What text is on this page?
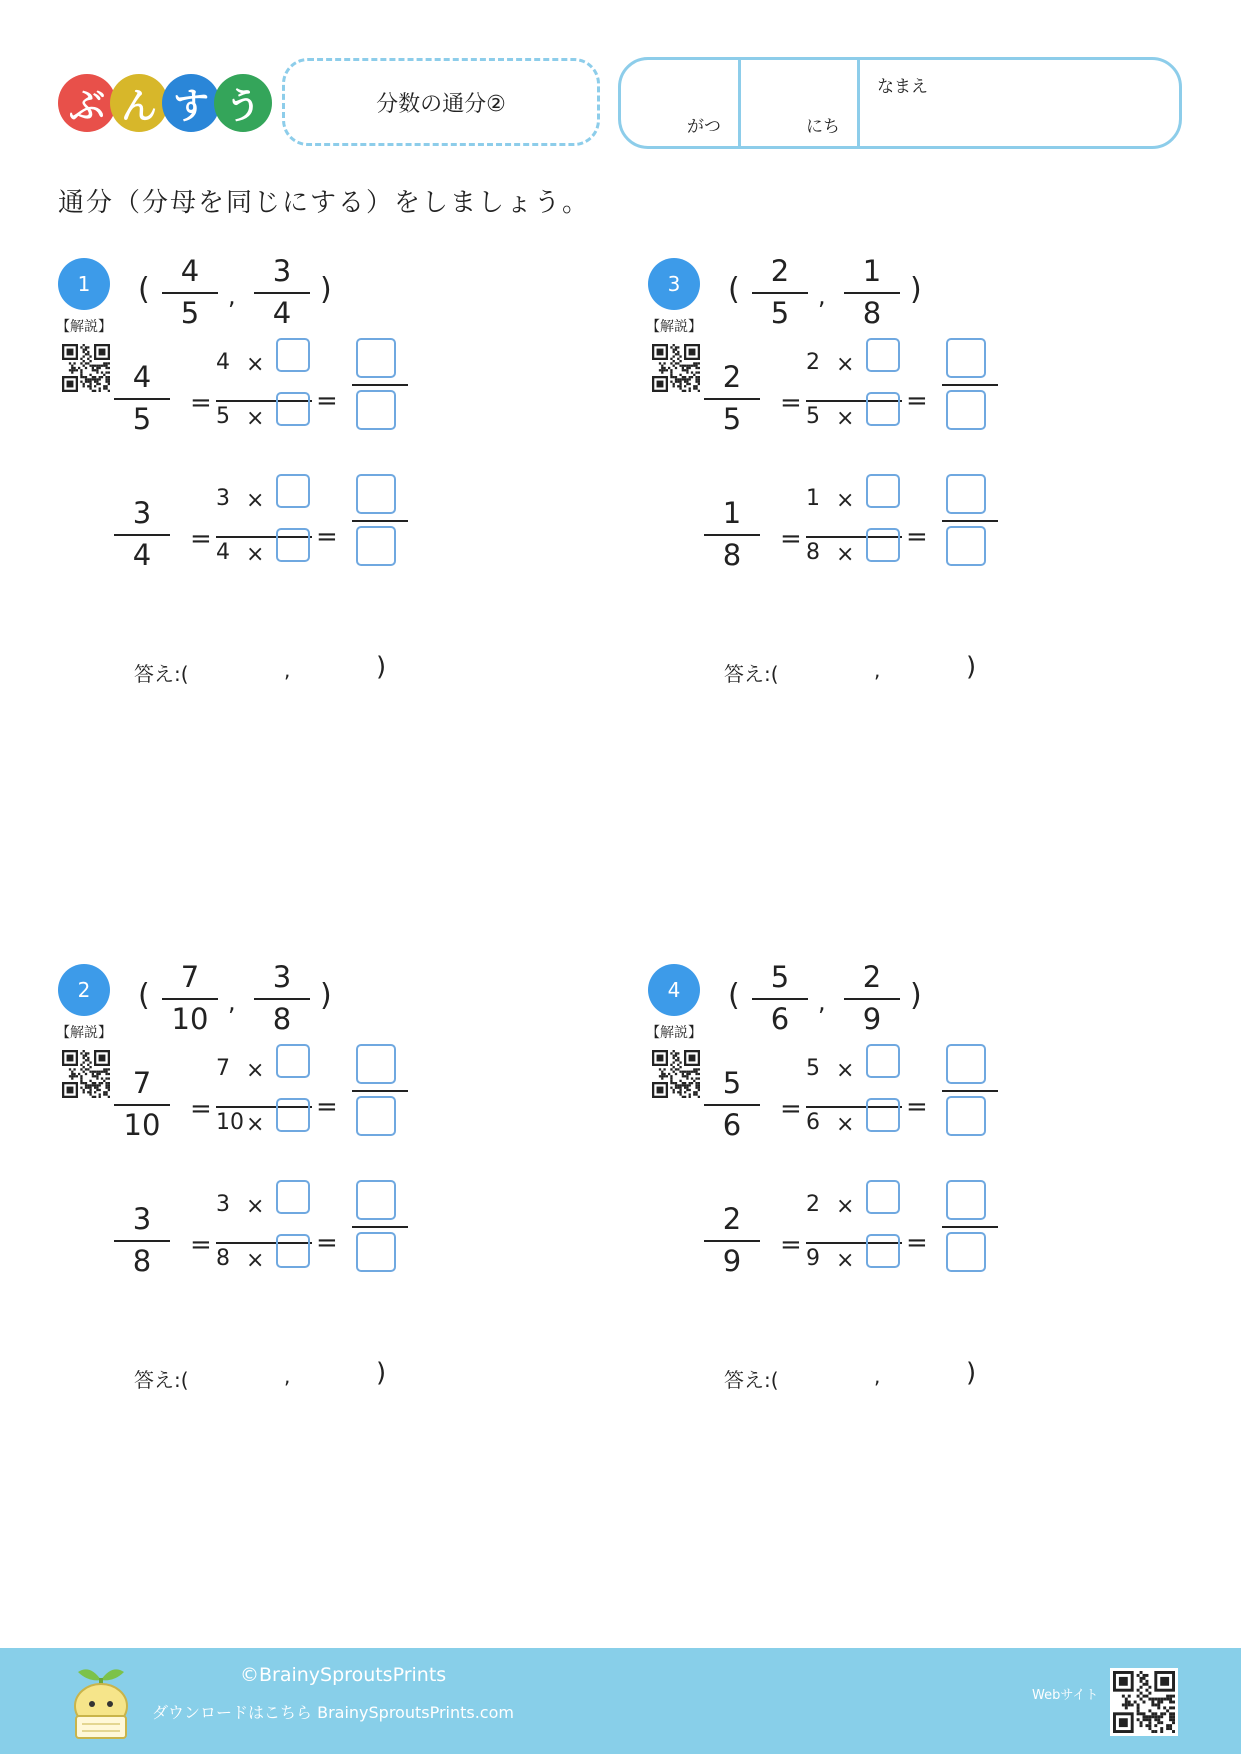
ぶ ん す う	分数の通分②
がつ	にち
なまえ
通分（分母を同じにする）をしましょう。
1
【解説】
(
4
5	,
3
4
)
4
5	=
4 ×
5 ×
=
3
4	=
3 ×
4 ×
=
答え:(	,	)
3
【解説】
(
2
5	,
1
8
)
2
5	=
2 ×
5 ×
=
1
8	=
1 ×
8 ×
=
答え:(	,	)
2
【解説】
(
7
10 ,
3
8
)
7
10	=
7 ×
10 ×
=
3
8	=
3 ×
8 ×
=
答え:(	,	)
4
【解説】
(
5
6	,
2
9
)
5
6	=
5 ×
6 ×
=
2
9	=
2 ×
9 ×
=
答え:(	,	)
©BrainySproutsPrints
ダウンロードはこちら BrainySproutsPrints.com
Webサイト
